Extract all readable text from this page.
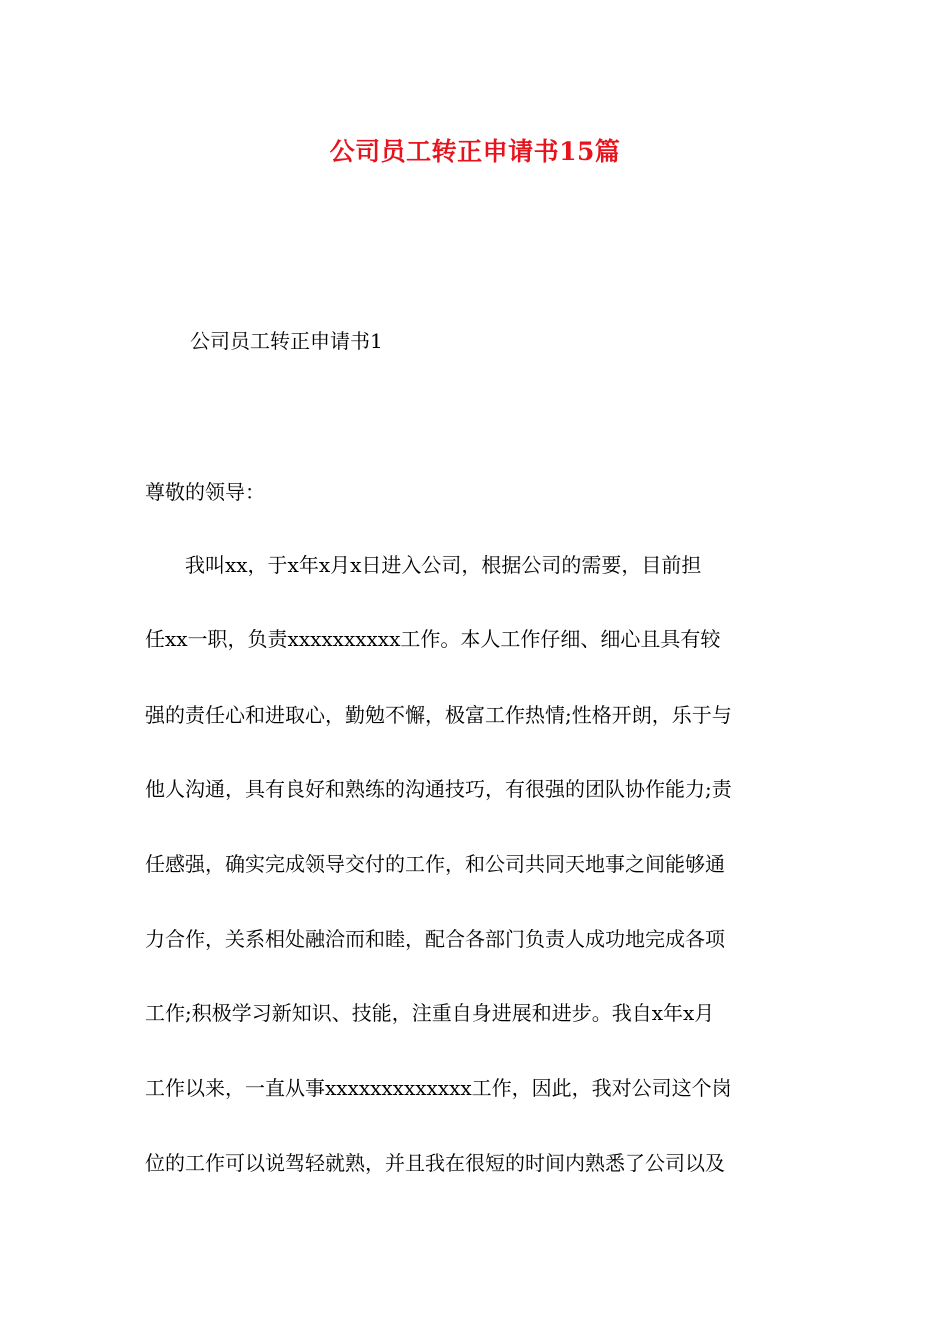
公司员工转正申请书15篇
公司员工转正申请书1
尊敬的领导：
　　我叫xx，于x年x月x日进入公司，根据公司的需要，目前担
任xx一职，负责xxxxxxxxxx工作。本人工作仔细、细心且具有较
强的责任心和进取心，勤勉不懈，极富工作热情;性格开朗，乐于与
他人沟通，具有良好和熟练的沟通技巧，有很强的团队协作能力;责
任感强，确实完成领导交付的工作，和公司共同天地事之间能够通
力合作，关系相处融洽而和睦，配合各部门负责人成功地完成各项
工作;积极学习新知识、技能，注重自身进展和进步。我自x年x月
工作以来，一直从事xxxxxxxxxxxxx工作，因此，我对公司这个岗
位的工作可以说驾轻就熟，并且我在很短的时间内熟悉了公司以及
